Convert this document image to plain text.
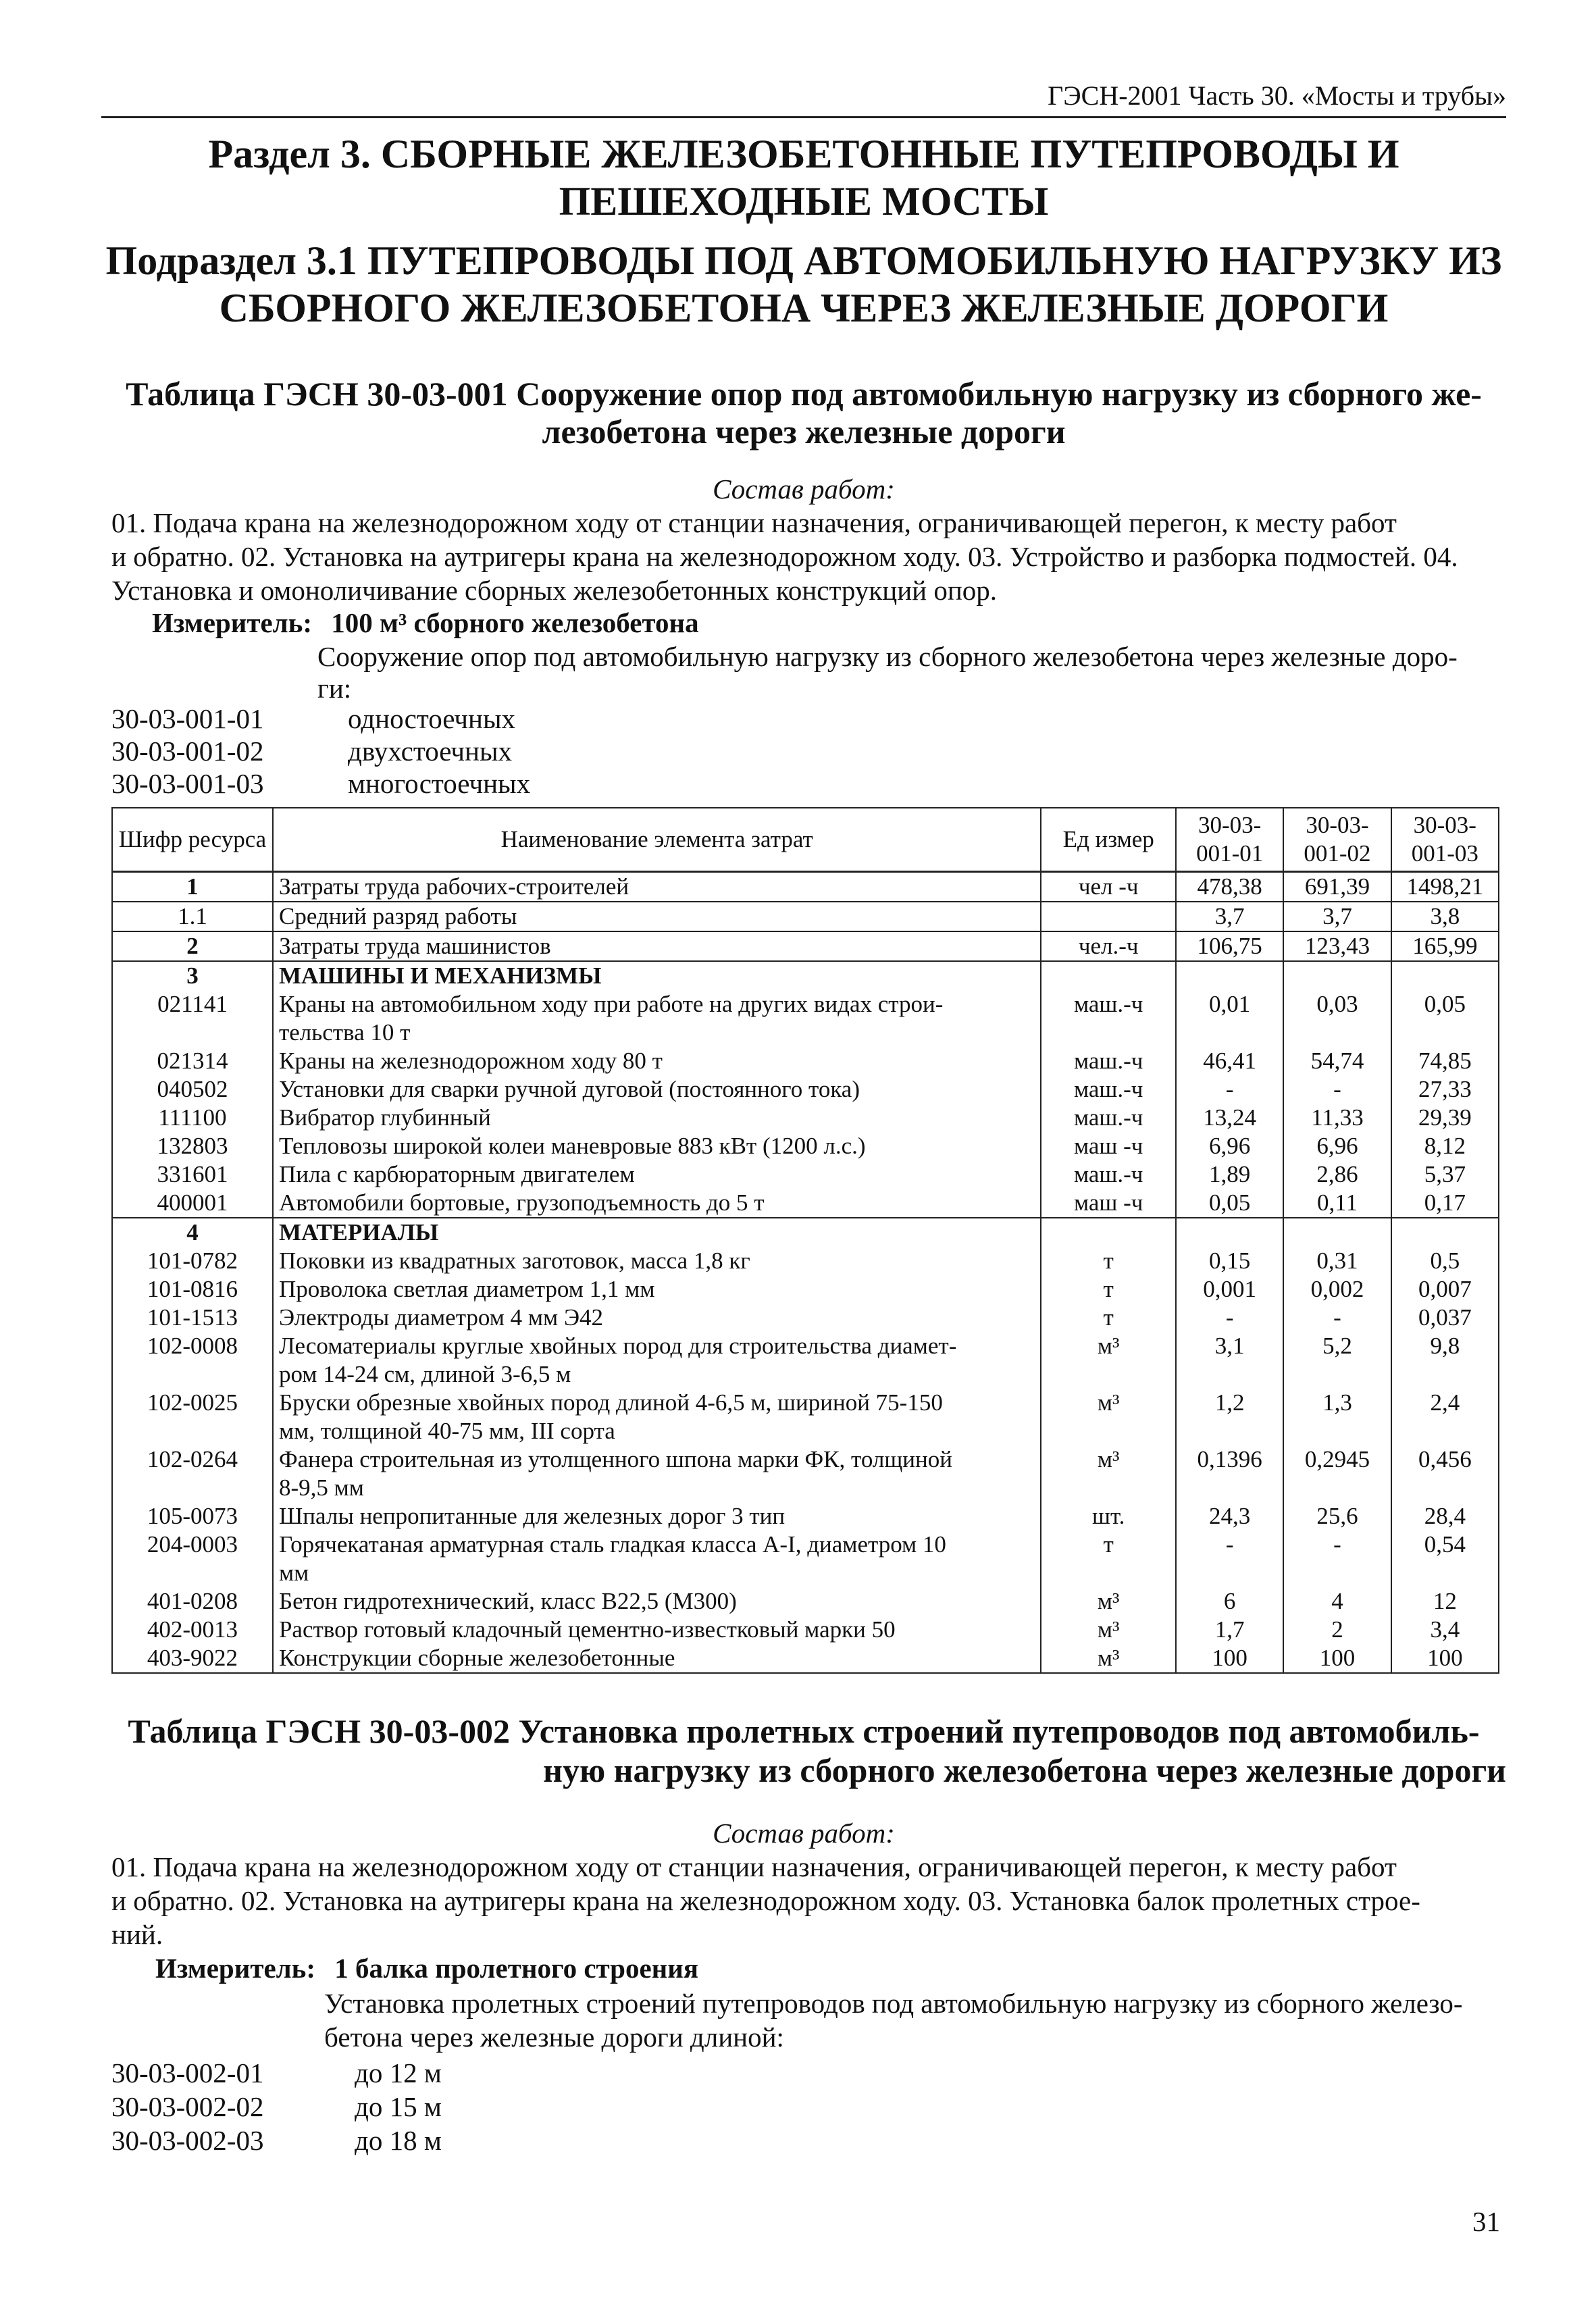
ГЭСН-2001 Часть 30. «Мосты и трубы»
Раздел 3. СБОРНЫЕ ЖЕЛЕЗОБЕТОННЫЕ ПУТЕПРОВОДЫ И
ПЕШЕХОДНЫЕ МОСТЫ
Подраздел 3.1 ПУТЕПРОВОДЫ ПОД АВТОМОБИЛЬНУЮ НАГРУЗКУ ИЗ
СБОРНОГО ЖЕЛЕЗОБЕТОНА ЧЕРЕЗ ЖЕЛЕЗНЫЕ ДОРОГИ
Таблица ГЭСН 30-03-001 Сооружение опор под автомобильную нагрузку из сборного же-
лезобетона через железные дороги
Состав работ:
01. Подача крана на железнодорожном ходу от станции назначения, ограничивающей перегон, к месту работ
и обратно. 02. Установка на аутригеры крана на железнодорожном ходу. 03. Устройство и разборка подмостей. 04.
Установка и омоноличивание сборных железобетонных конструкций опор.
Измеритель: 100 м³ сборного железобетона
Сооружение опор под автомобильную нагрузку из сборного железобетона через железные доро-
ги:
30-03-001-01	одностоечных
30-03-001-02	двухстоечных
30-03-001-03	многостоечных
Шифр ресурса	Наименование элемента затрат	Ед измер	30-03-
001-01	30-03-
001-02	30-03-
001-03
1	Затраты труда рабочих-строителей	чел -ч	478,38	691,39	1498,21
1.1	Средний разряд работы		3,7	3,7	3,8
2	Затраты труда машинистов	чел.-ч	106,75	123,43	165,99
3	МАШИНЫ И МЕХАНИЗМЫ				
021141	Краны на автомобильном ходу при работе на других видах строи-
тельства 10 т	маш.-ч	0,01	0,03	0,05
021314	Краны на железнодорожном ходу 80 т	маш.-ч	46,41	54,74	74,85
040502	Установки для сварки ручной дуговой (постоянного тока)	маш.-ч	-	-	27,33
111100	Вибратор глубинный	маш.-ч	13,24	11,33	29,39
132803	Тепловозы широкой колеи маневровые 883 кВт (1200 л.с.)	маш -ч	6,96	6,96	8,12
331601	Пила с карбюраторным двигателем	маш.-ч	1,89	2,86	5,37
400001	Автомобили бортовые, грузоподъемность до 5 т	маш -ч	0,05	0,11	0,17
4	МАТЕРИАЛЫ				
101-0782	Поковки из квадратных заготовок, масса 1,8 кг	т	0,15	0,31	0,5
101-0816	Проволока светлая диаметром 1,1 мм	т	0,001	0,002	0,007
101-1513	Электроды диаметром 4 мм Э42	т	-	-	0,037
102-0008	Лесоматериалы круглые хвойных пород для строительства диамет-
ром 14-24 см, длиной 3-6,5 м	м³	3,1	5,2	9,8
102-0025	Бруски обрезные хвойных пород длиной 4-6,5 м, шириной 75-150
мм, толщиной 40-75 мм, III сорта	м³	1,2	1,3	2,4
102-0264	Фанера строительная из утолщенного шпона марки ФК, толщиной
8-9,5 мм	м³	0,1396	0,2945	0,456
105-0073	Шпалы непропитанные для железных дорог 3 тип	шт.	24,3	25,6	28,4
204-0003	Горячекатаная арматурная сталь гладкая класса А-I, диаметром 10
мм	т	-	-	0,54
401-0208	Бетон гидротехнический, класс В22,5 (М300)	м³	6	4	12
402-0013	Раствор готовый кладочный цементно-известковый марки 50	м³	1,7	2	3,4
403-9022	Конструкции сборные железобетонные	м³	100	100	100
Таблица ГЭСН 30-03-002 Установка пролетных строений путепроводов под автомобиль-
ную нагрузку из сборного железобетона через железные дороги
Состав работ:
01. Подача крана на железнодорожном ходу от станции назначения, ограничивающей перегон, к месту работ
и обратно. 02. Установка на аутригеры крана на железнодорожном ходу. 03. Установка балок пролетных строе-
ний.
Измеритель: 1 балка пролетного строения
Установка пролетных строений путепроводов под автомобильную нагрузку из сборного железо-
бетона через железные дороги длиной:
30-03-002-01	до 12 м
30-03-002-02	до 15 м
30-03-002-03	до 18 м
31
